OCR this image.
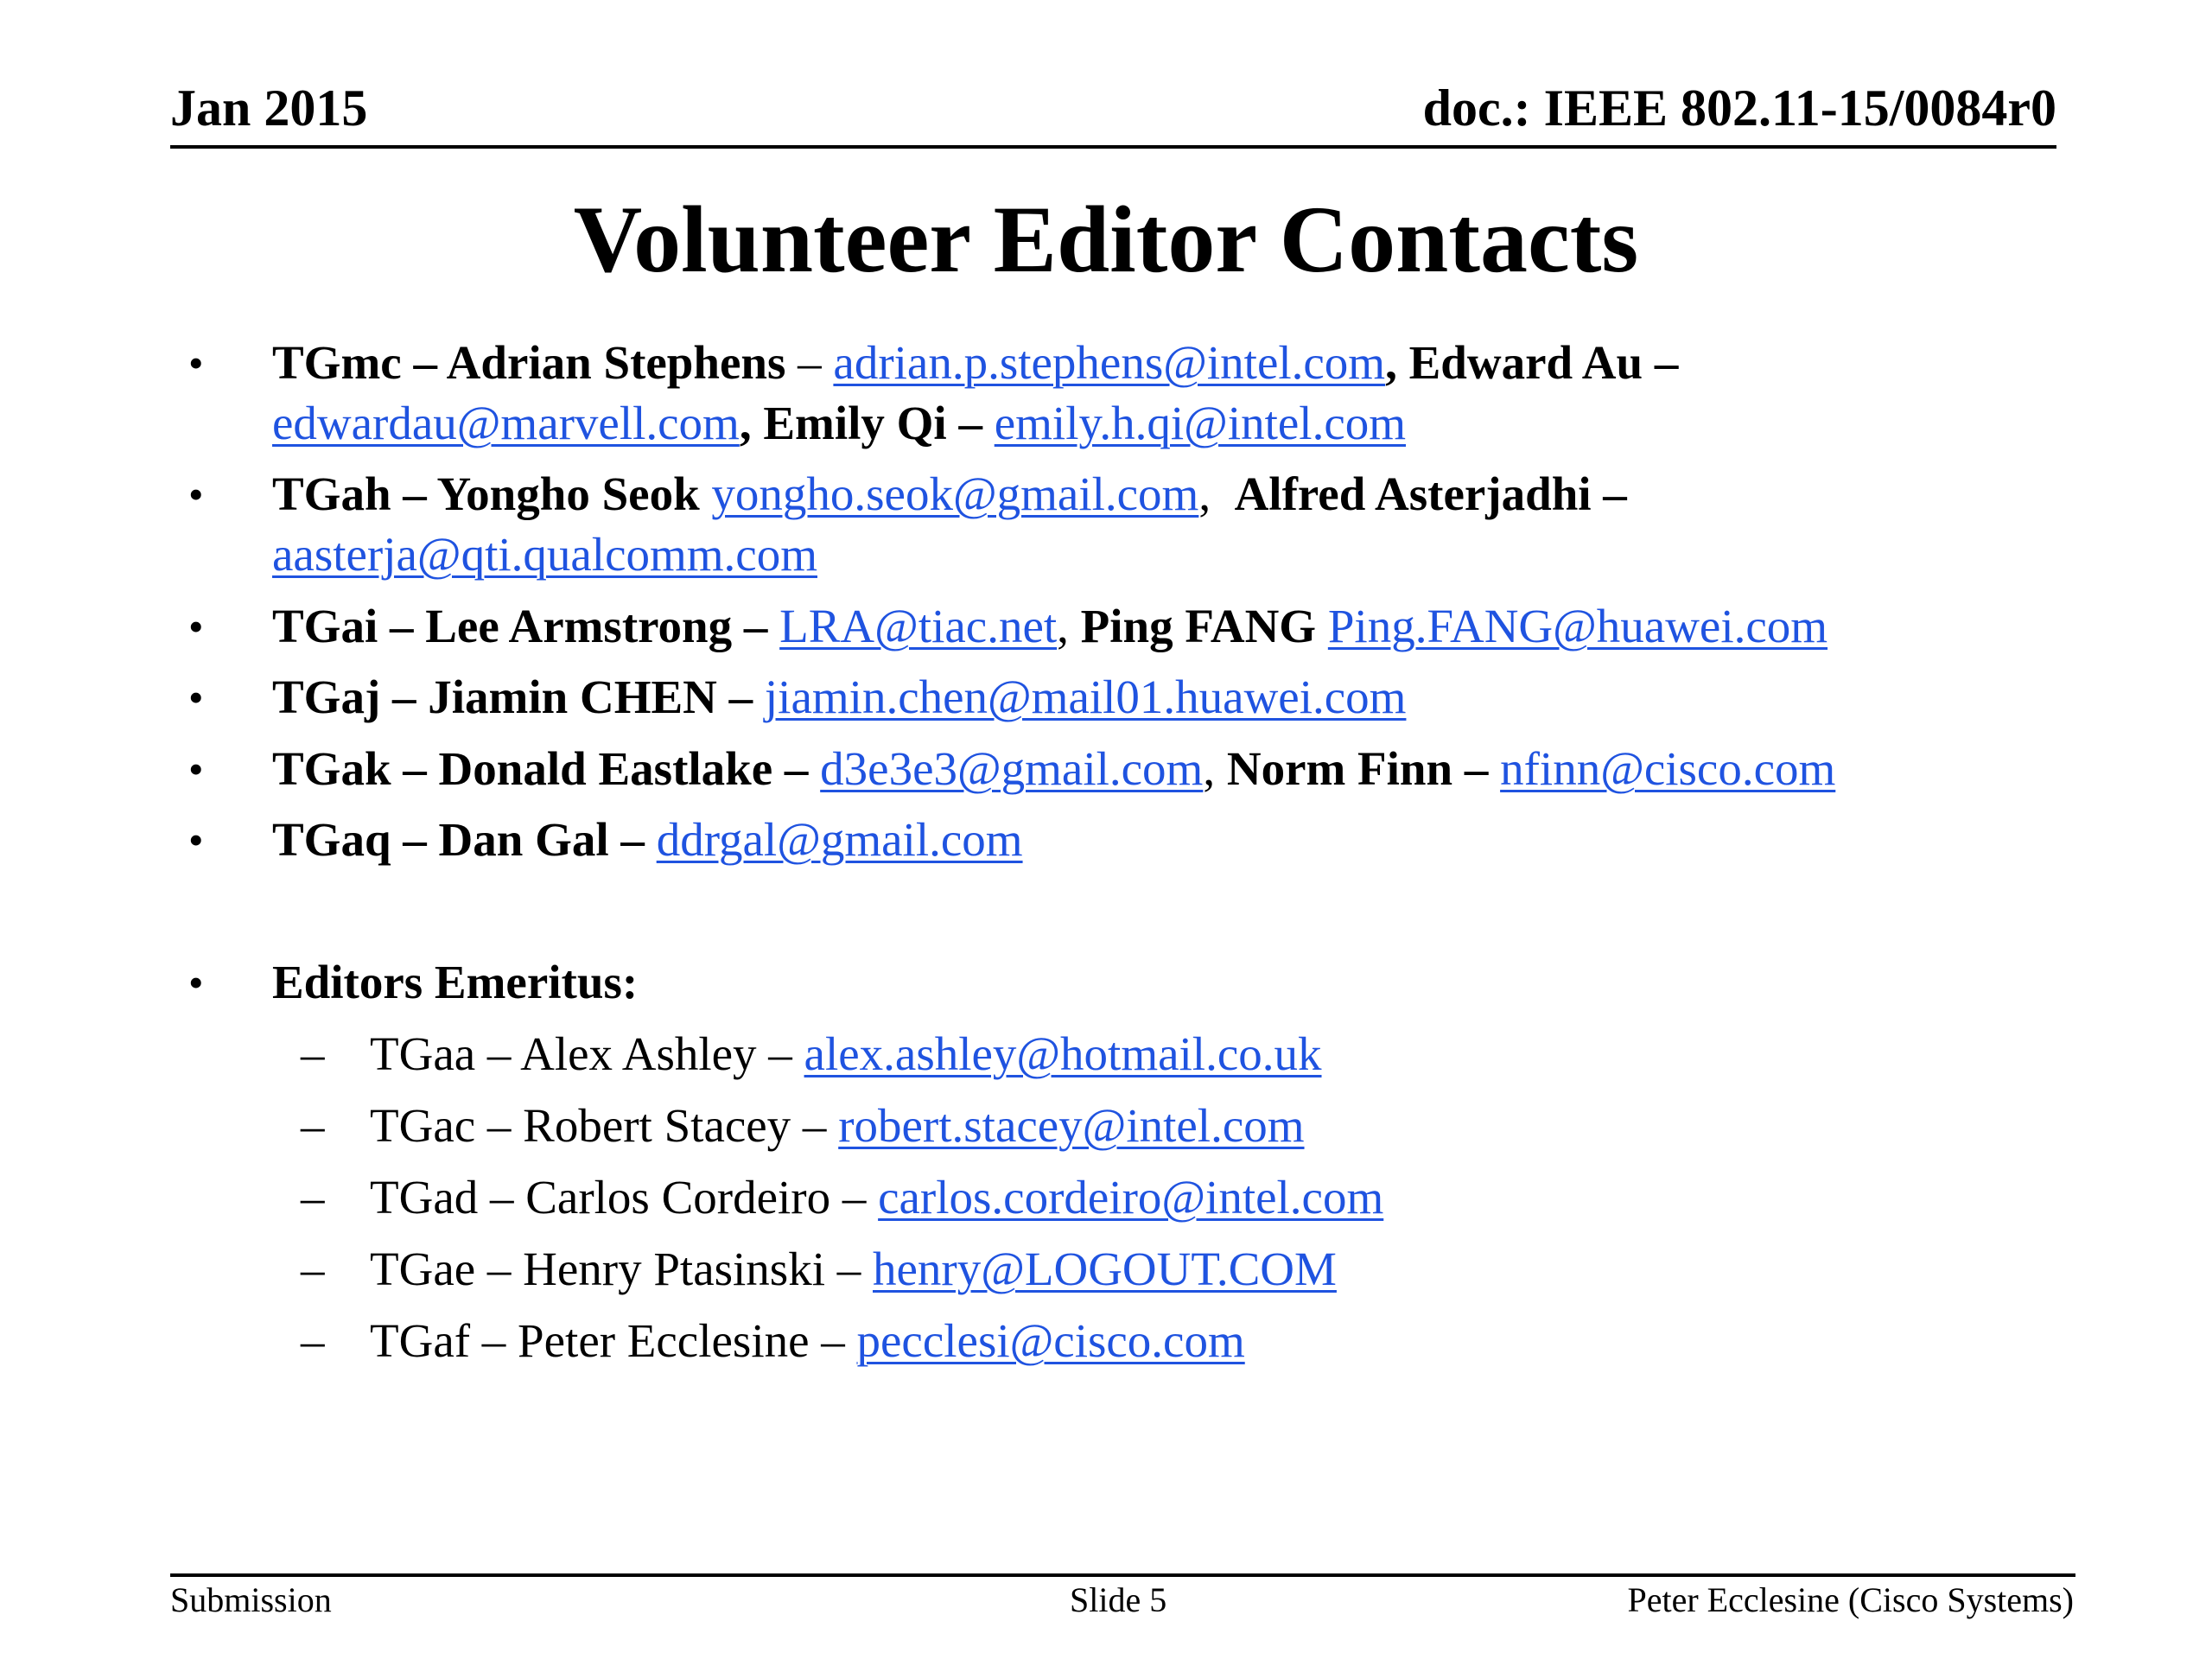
Jan 2015	doc.: IEEE 802.11-15/0084r0
Volunteer Editor Contacts
• TGmc – Adrian Stephens – adrian.p.stephens@intel.com, Edward Au –
edwardau@marvell.com, Emily Qi – emily.h.qi@intel.com
• TGah – Yongho Seok yongho.seok@gmail.com,  Alfred Asterjadhi –
aasterja@qti.qualcomm.com
• TGai – Lee Armstrong – LRA@tiac.net, Ping FANG Ping.FANG@huawei.com
• TGaj – Jiamin CHEN – jiamin.chen@mail01.huawei.com
• TGak – Donald Eastlake – d3e3e3@gmail.com, Norm Finn – nfinn@cisco.com
• TGaq – Dan Gal – ddrgal@gmail.com
• Editors Emeritus:
– TGaa – Alex Ashley – alex.ashley@hotmail.co.uk
– TGac – Robert Stacey – robert.stacey@intel.com
– TGad – Carlos Cordeiro – carlos.cordeiro@intel.com
– TGae – Henry Ptasinski – henry@LOGOUT.COM
– TGaf – Peter Ecclesine – pecclesi@cisco.com
Submission	Slide 5	Peter Ecclesine (Cisco Systems)
